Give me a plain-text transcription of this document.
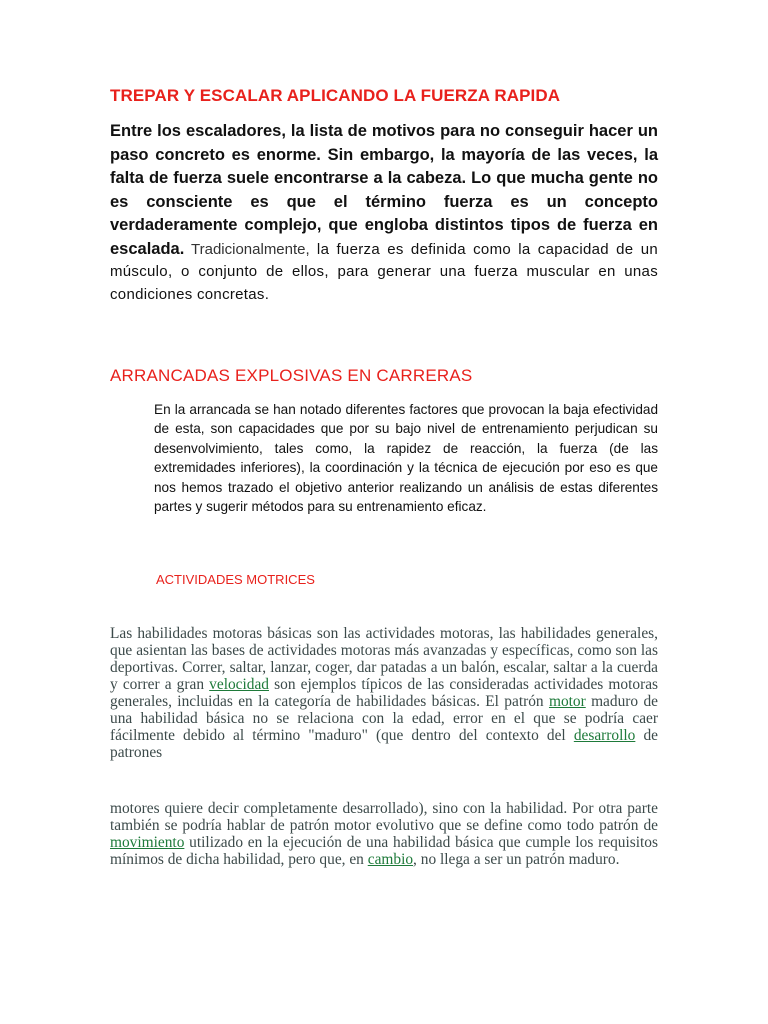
TREPAR Y ESCALAR APLICANDO LA FUERZA RAPIDA

Entre los escaladores, la lista de motivos para no conseguir hacer un paso concreto es enorme. Sin embargo, la mayoría de las veces, la falta de fuerza suele encontrarse a la cabeza. Lo que mucha gente no es consciente es que el término fuerza es un concepto verdaderamente complejo, que engloba distintos tipos de fuerza en escalada. Tradicionalmente, la fuerza es definida como la capacidad de un músculo, o conjunto de ellos, para generar una fuerza muscular en unas condiciones concretas.

ARRANCADAS EXPLOSIVAS EN CARRERAS

En la arrancada se han notado diferentes factores que provocan la baja efectividad de esta, son capacidades que por su bajo nivel de entrenamiento perjudican su desenvolvimiento, tales como, la rapidez de reacción, la fuerza (de las extremidades inferiores), la coordinación y la técnica de ejecución por eso es que nos hemos trazado el objetivo anterior realizando un análisis de estas diferentes partes y sugerir métodos para su entrenamiento eficaz.

ACTIVIDADES MOTRICES

Las habilidades motoras básicas son las actividades motoras, las habilidades generales, que asientan las bases de actividades motoras más avanzadas y específicas, como son las deportivas. Correr, saltar, lanzar, coger, dar patadas a un balón, escalar, saltar a la cuerda y correr a gran velocidad son ejemplos típicos de las consideradas actividades motoras generales, incluidas en la categoría de habilidades básicas. El patrón motor maduro de una habilidad básica no se relaciona con la edad, error en el que se podría caer fácilmente debido al término "maduro" (que dentro del contexto del desarrollo de patrones

motores quiere decir completamente desarrollado), sino con la habilidad. Por otra parte también se podría hablar de patrón motor evolutivo que se define como todo patrón de movimiento utilizado en la ejecución de una habilidad básica que cumple los requisitos mínimos de dicha habilidad, pero que, en cambio, no llega a ser un patrón maduro.
